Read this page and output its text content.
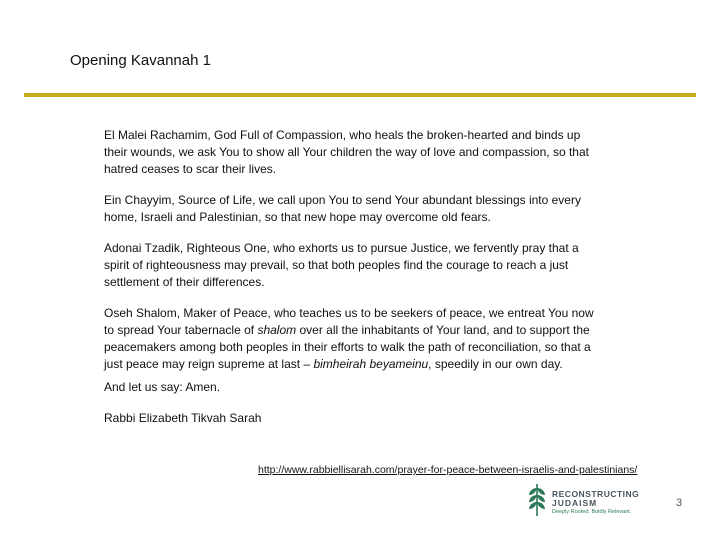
Opening Kavannah 1

El Malei Rachamim, God Full of Compassion, who heals the broken-hearted and binds up their wounds, we ask You to show all Your children the way of love and compassion, so that hatred ceases to scar their lives.

Ein Chayyim, Source of Life, we call upon You to send Your abundant blessings into every home, Israeli and Palestinian, so that new hope may overcome old fears.

Adonai Tzadik, Righteous One, who exhorts us to pursue Justice, we fervently pray that a spirit of righteousness may prevail, so that both peoples find the courage to reach a just settlement of their differences.

Oseh Shalom, Maker of Peace, who teaches us to be seekers of peace, we entreat You now to spread Your tabernacle of shalom over all the inhabitants of Your land, and to support the peacemakers among both peoples in their efforts to walk the path of reconciliation, so that a just peace may reign supreme at last – bimheirah beyameinu, speedily in our own day.

And let us say: Amen.
Rabbi Elizabeth Tikvah Sarah
http://www.rabbiellisarah.com/prayer-for-peace-between-israelis-and-palestinians/
RECONSTRUCTING
JUDAISM
Deeply Rooted. Boldly Relevant.
3
